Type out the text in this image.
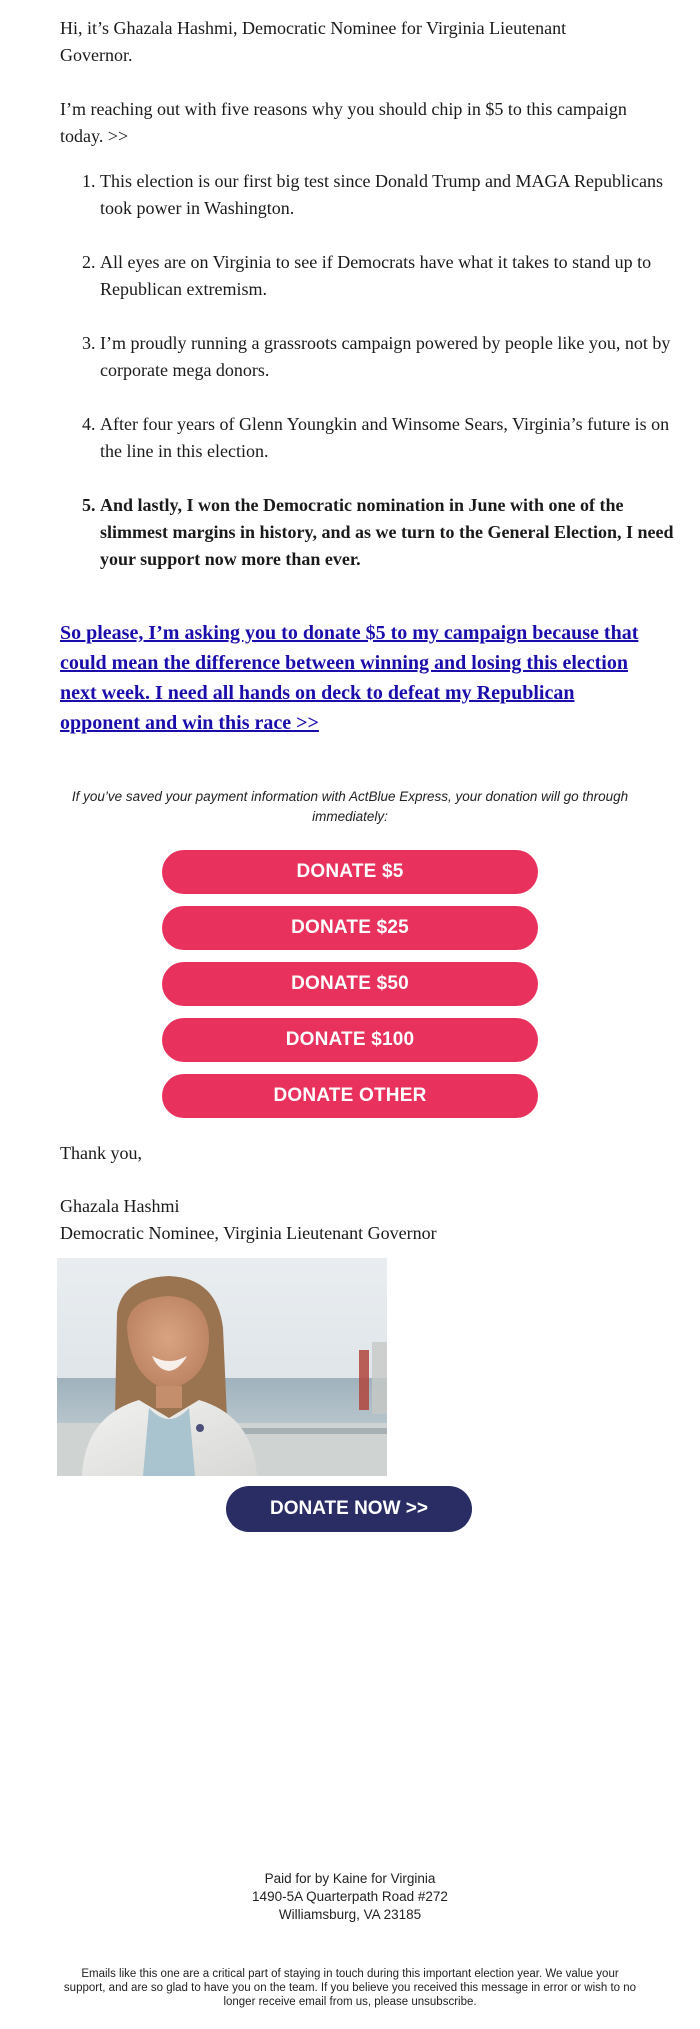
Hi, it’s Ghazala Hashmi, Democratic Nominee for Virginia Lieutenant Governor.

I’m reaching out with five reasons why you should chip in $5 to this campaign today. >>

1. This election is our first big test since Donald Trump and MAGA Republicans took power in Washington.
2. All eyes are on Virginia to see if Democrats have what it takes to stand up to Republican extremism.
3. I’m proudly running a grassroots campaign powered by people like you, not by corporate mega donors.
4. After four years of Glenn Youngkin and Winsome Sears, Virginia’s future is on the line in this election.
5. And lastly, I won the Democratic nomination in June with one of the slimmest margins in history, and as we turn to the General Election, I need your support now more than ever.
So please, I’m asking you to donate $5 to my campaign because that could mean the difference between winning and losing this election next week. I need all hands on deck to defeat my Republican opponent and win this race >>

If you’ve saved your payment information with ActBlue Express, your donation will go through immediately:

DONATE $5
DONATE $25
DONATE $50
DONATE $100
DONATE OTHER

Thank you,

Ghazala Hashmi

Democratic Nominee, Virginia Lieutenant Governor

DONATE NOW >>
Paid for by Kaine for Virginia
1490-5A Quarterpath Road #272
Williamsburg, VA 23185
Emails like this one are a critical part of staying in touch during this important election year. We value your support, and are so glad to have you on the team. If you believe you received this message in error or wish to no longer receive email from us, please unsubscribe.
